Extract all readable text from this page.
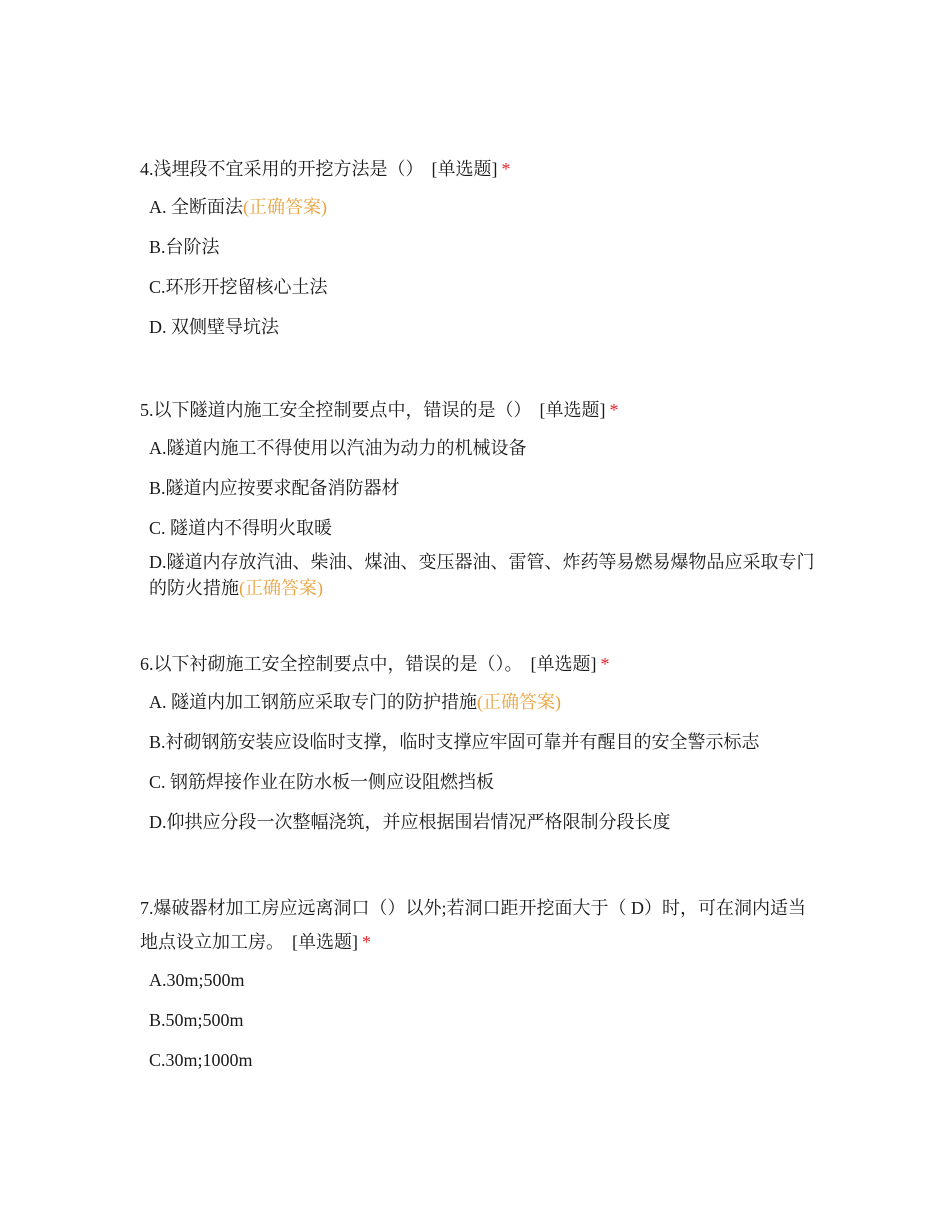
4.浅埋段不宜采用的开挖方法是（） [单选题] *
A. 全断面法(正确答案)
B.台阶法
C.环形开挖留核心土法
D. 双侧壁导坑法
5.以下隧道内施工安全控制要点中，错误的是（） [单选题] *
A.隧道内施工不得使用以汽油为动力的机械设备
B.隧道内应按要求配备消防器材
C. 隧道内不得明火取暖
D.隧道内存放汽油、柴油、煤油、变压器油、雷管、炸药等易燃易爆物品应采取专门的防火措施(正确答案)
6.以下衬砌施工安全控制要点中，错误的是（）。 [单选题] *
A. 隧道内加工钢筋应采取专门的防护措施(正确答案)
B.衬砌钢筋安装应设临时支撑，临时支撑应牢固可靠并有醒目的安全警示标志
C. 钢筋焊接作业在防水板一侧应设阻燃挡板
D.仰拱应分段一次整幅浇筑，并应根据围岩情况严格限制分段长度
7.爆破器材加工房应远离洞口（）以外;若洞口距开挖面大于（ D）时，可在洞内适当地点设立加工房。 [单选题] *
A.30m;500m
B.50m;500m
C.30m;1000m
